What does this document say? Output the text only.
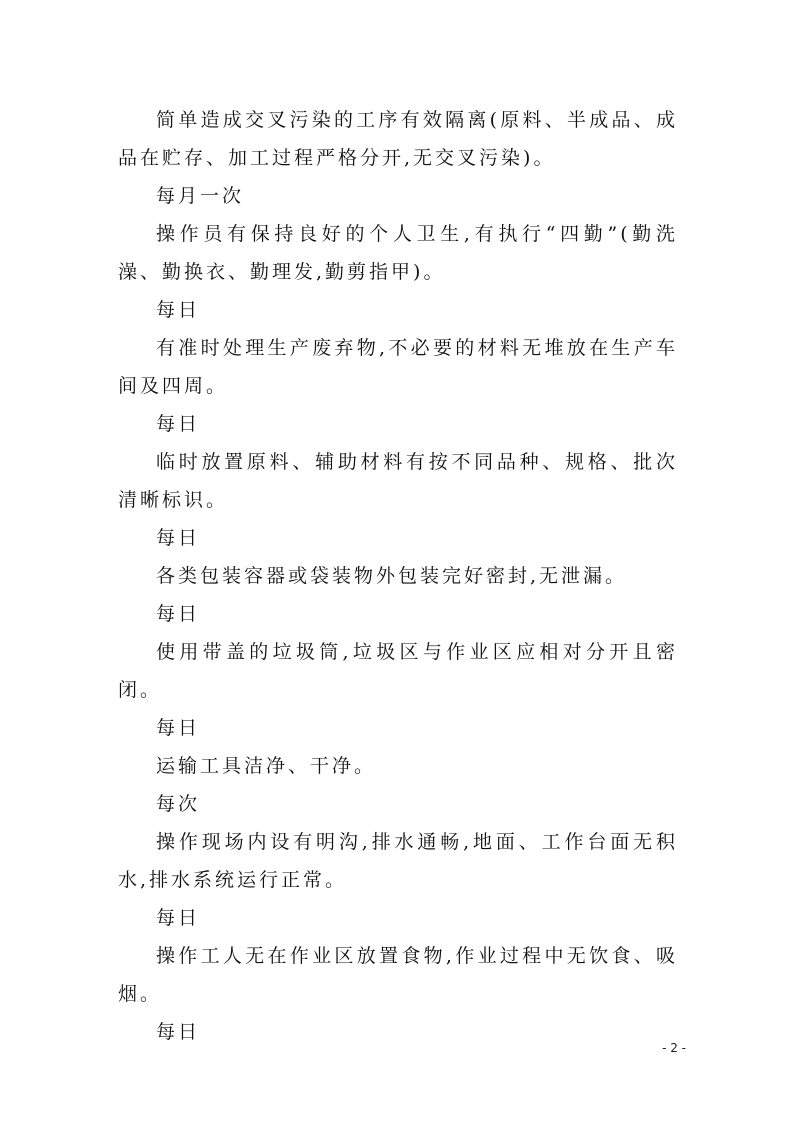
简单造成交叉污染的工序有效隔离(原料、半成品、成品在贮存、加工过程严格分开,无交叉污染)。

每月一次

操作员有保持良好的个人卫生,有执行“四勤”(勤洗澡、勤换衣、勤理发,勤剪指甲)。

每日

有准时处理生产废弃物,不必要的材料无堆放在生产车间及四周。

每日

临时放置原料、辅助材料有按不同品种、规格、批次清晰标识。

每日

各类包装容器或袋装物外包装完好密封,无泄漏。

每日

使用带盖的垃圾筒,垃圾区与作业区应相对分开且密闭。

每日

运输工具洁净、干净。

每次

操作现场内设有明沟,排水通畅,地面、工作台面无积水,排水系统运行正常。

每日

操作工人无在作业区放置食物,作业过程中无饮食、吸烟。

每日

- 2 -
